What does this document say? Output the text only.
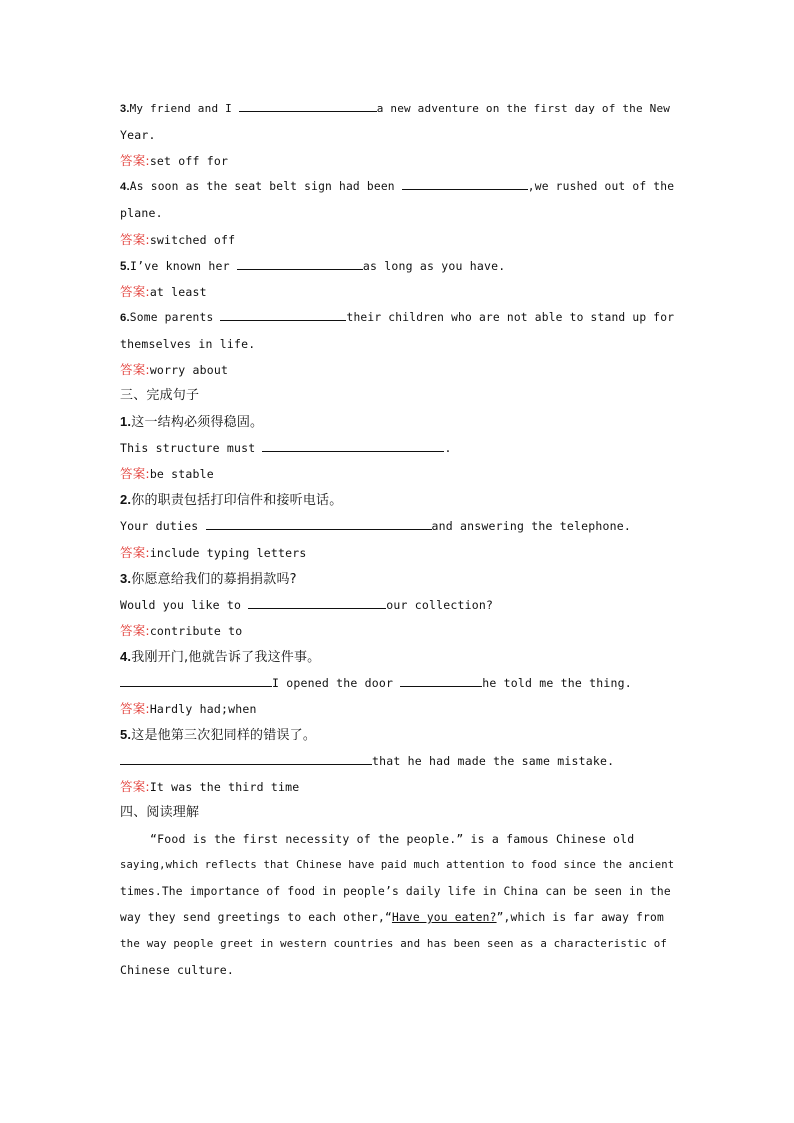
3.My friend and I	a new adventure on the first day of the New
Year.
答案:set off for
4.As soon as the seat belt sign had been	,we rushed out of the
plane.
答案:switched off
5.I’ve known her	as long as you have.
答案:at least
6.Some parents	their children who are not able to stand up for
themselves in life.
答案:worry about
三、完成句子
1.这一结构必须得稳固。
This structure must	.
答案:be stable
2.你的职责包括打印信件和接听电话。
Your duties	and answering the telephone.
答案:include typing letters
3.你愿意给我们的募捐捐款吗?
Would you like to	our collection?
答案:contribute to
4.我刚开门,他就告诉了我这件事。
I opened the door	he told me the thing.
答案:Hardly had;when
5.这是他第三次犯同样的错误了。
that he had made the same mistake.
答案:It was the third time
四、阅读理解
“Food is the first necessity of the people.” is a famous Chinese old
saying,which reflects that Chinese have paid much attention to food since the ancient
times.The importance of food in people’s daily life in China can be seen in the
way they send greetings to each other,“Have you eaten?”,which is far away from
the way people greet in western countries and has been seen as a characteristic of
Chinese culture.
